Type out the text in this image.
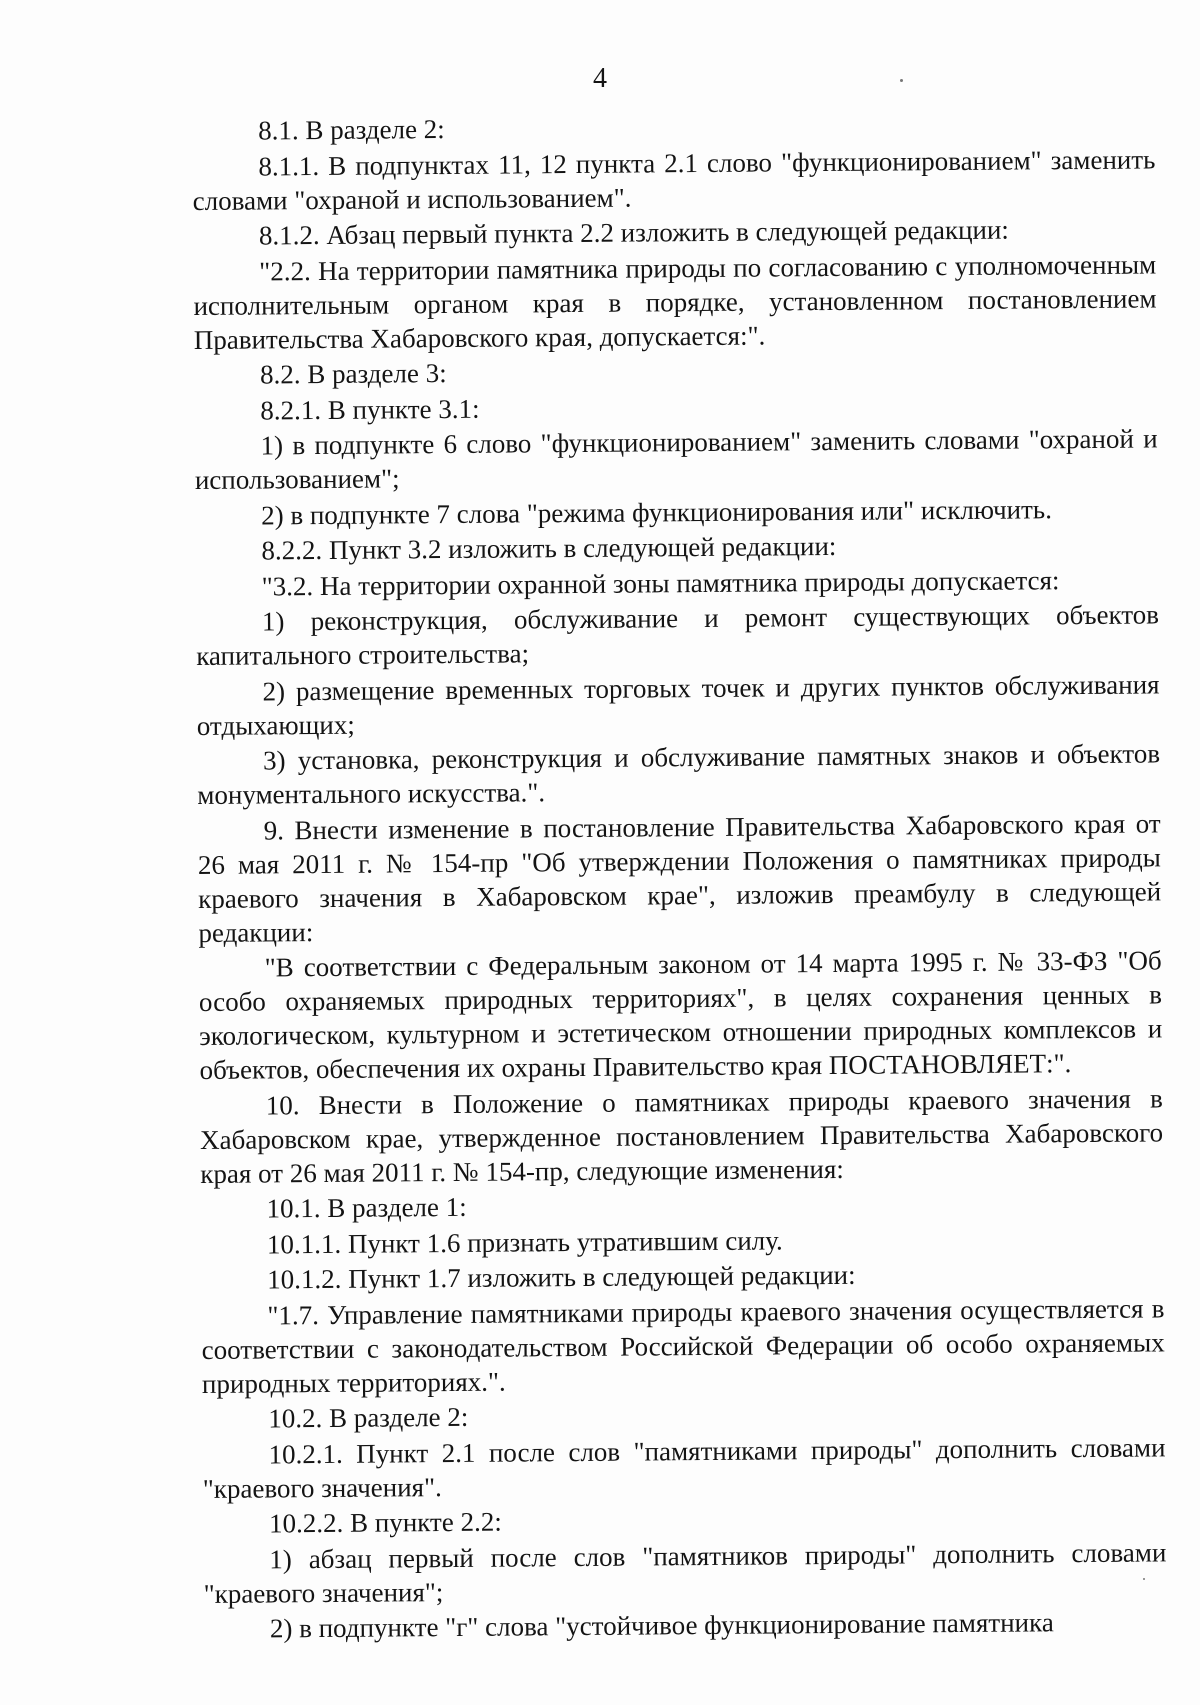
4

8.1. В разделе 2:

8.1.1. В подпунктах 11, 12 пункта 2.1 слово "функционированием" заменить словами "охраной и использованием".

8.1.2. Абзац первый пункта 2.2 изложить в следующей редакции:

"2.2. На территории памятника природы по согласованию с уполномоченным исполнительным органом края в порядке, установленном постановлением Правительства Хабаровского края, допускается:".

8.2. В разделе 3:

8.2.1. В пункте 3.1:

1) в подпункте 6 слово "функционированием" заменить словами "охраной и использованием";

2) в подпункте 7 слова "режима функционирования или" исключить.

8.2.2. Пункт 3.2 изложить в следующей редакции:

"3.2. На территории охранной зоны памятника природы допускается:

1) реконструкция, обслуживание и ремонт существующих объектов капитального строительства;

2) размещение временных торговых точек и других пунктов обслуживания отдыхающих;

3) установка, реконструкция и обслуживание памятных знаков и объектов монументального искусства.".

9. Внести изменение в постановление Правительства Хабаровского края от 26 мая 2011 г. № 154-пр "Об утверждении Положения о памятниках природы краевого значения в Хабаровском крае", изложив преамбулу в следующей редакции:

"В соответствии с Федеральным законом от 14 марта 1995 г. № 33-ФЗ "Об особо охраняемых природных территориях", в целях сохранения ценных в экологическом, культурном и эстетическом отношении природных комплексов и объектов, обеспечения их охраны Правительство края ПОСТАНОВЛЯЕТ:".

10. Внести в Положение о памятниках природы краевого значения в Хабаровском крае, утвержденное постановлением Правительства Хабаровского края от 26 мая 2011 г. № 154-пр, следующие изменения:

10.1. В разделе 1:

10.1.1. Пункт 1.6 признать утратившим силу.

10.1.2. Пункт 1.7 изложить в следующей редакции:

"1.7. Управление памятниками природы краевого значения осуществляется в соответствии с законодательством Российской Федерации об особо охраняемых природных территориях.".

10.2. В разделе 2:

10.2.1. Пункт 2.1 после слов "памятниками природы" дополнить словами "краевого значения".

10.2.2. В пункте 2.2:

1) абзац первый после слов "памятников природы" дополнить словами "краевого значения";

2) в подпункте "г" слова "устойчивое функционирование памятника
